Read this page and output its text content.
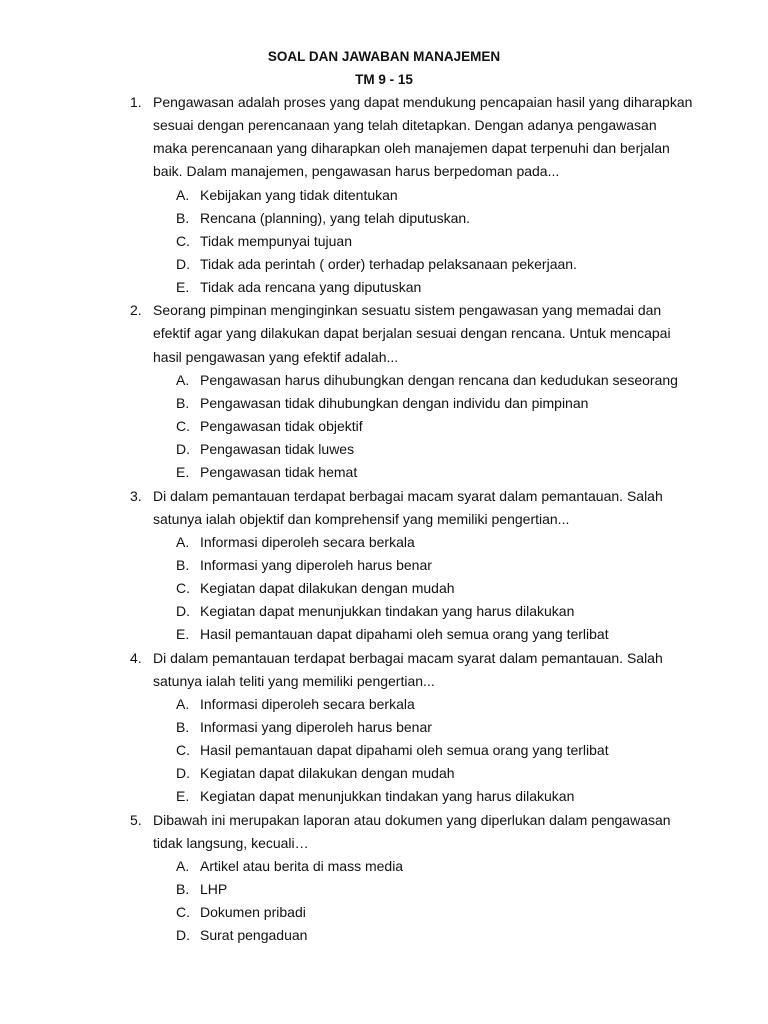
SOAL DAN JAWABAN MANAJEMEN
TM 9 - 15
1. Pengawasan adalah proses yang dapat mendukung pencapaian hasil yang diharapkan
sesuai dengan perencanaan yang telah ditetapkan. Dengan adanya pengawasan
maka perencanaan yang diharapkan oleh manajemen dapat terpenuhi dan berjalan
baik. Dalam manajemen, pengawasan harus berpedoman pada...
A. Kebijakan yang tidak ditentukan
B. Rencana (planning), yang telah diputuskan.
C. Tidak mempunyai tujuan
D. Tidak ada perintah ( order) terhadap pelaksanaan pekerjaan.
E. Tidak ada rencana yang diputuskan
2. Seorang pimpinan menginginkan sesuatu sistem pengawasan yang memadai dan
efektif agar yang dilakukan dapat berjalan sesuai dengan rencana. Untuk mencapai
hasil pengawasan yang efektif adalah...
A. Pengawasan harus dihubungkan dengan rencana dan kedudukan seseorang
B. Pengawasan tidak dihubungkan dengan individu dan pimpinan
C. Pengawasan tidak objektif
D. Pengawasan tidak luwes
E. Pengawasan tidak hemat
3. Di dalam pemantauan terdapat berbagai macam syarat dalam pemantauan. Salah
satunya ialah objektif dan komprehensif yang memiliki pengertian...
A. Informasi diperoleh secara berkala
B. Informasi yang diperoleh harus benar
C. Kegiatan dapat dilakukan dengan mudah
D. Kegiatan dapat menunjukkan tindakan yang harus dilakukan
E. Hasil pemantauan dapat dipahami oleh semua orang yang terlibat
4. Di dalam pemantauan terdapat berbagai macam syarat dalam pemantauan. Salah
satunya ialah teliti yang memiliki pengertian...
A. Informasi diperoleh secara berkala
B. Informasi yang diperoleh harus benar
C. Hasil pemantauan dapat dipahami oleh semua orang yang terlibat
D. Kegiatan dapat dilakukan dengan mudah
E. Kegiatan dapat menunjukkan tindakan yang harus dilakukan
5. Dibawah ini merupakan laporan atau dokumen yang diperlukan dalam pengawasan
tidak langsung, kecuali…
A. Artikel atau berita di mass media
B. LHP
C. Dokumen pribadi
D. Surat pengaduan
